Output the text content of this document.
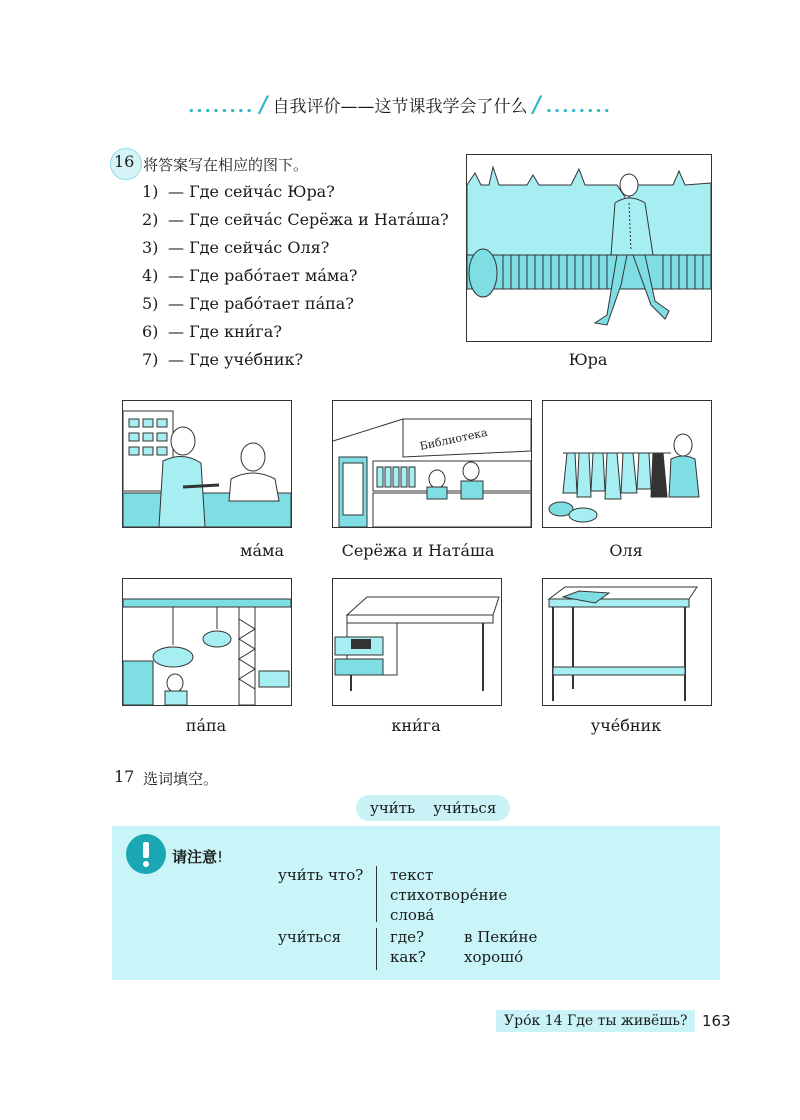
........ / 自我评价——这节课我学会了什么 / ........
16 将答案写在相应的图下。
1) — Где сейча́с Юра?
2) — Где сейча́с Серёжа и Ната́ша?
3) — Где сейча́с Оля?
4) — Где рабо́тает ма́ма?
5) — Где рабо́тает па́па?
6) — Где кни́га?
7) — Где уче́бник?	Юра
ма́ма
Библиотека
Серёжа и Ната́ша	Оля
па́па	кни́га	уче́бник
17 选词填空。
учи́ть учи́ться
请注意!
учи́ть что? текст
стихотворе́ние
слова́
учи́ться	где?	в Пеки́не
как?	хорошо́
Уро́к 14 Где ты живёшь? 163
